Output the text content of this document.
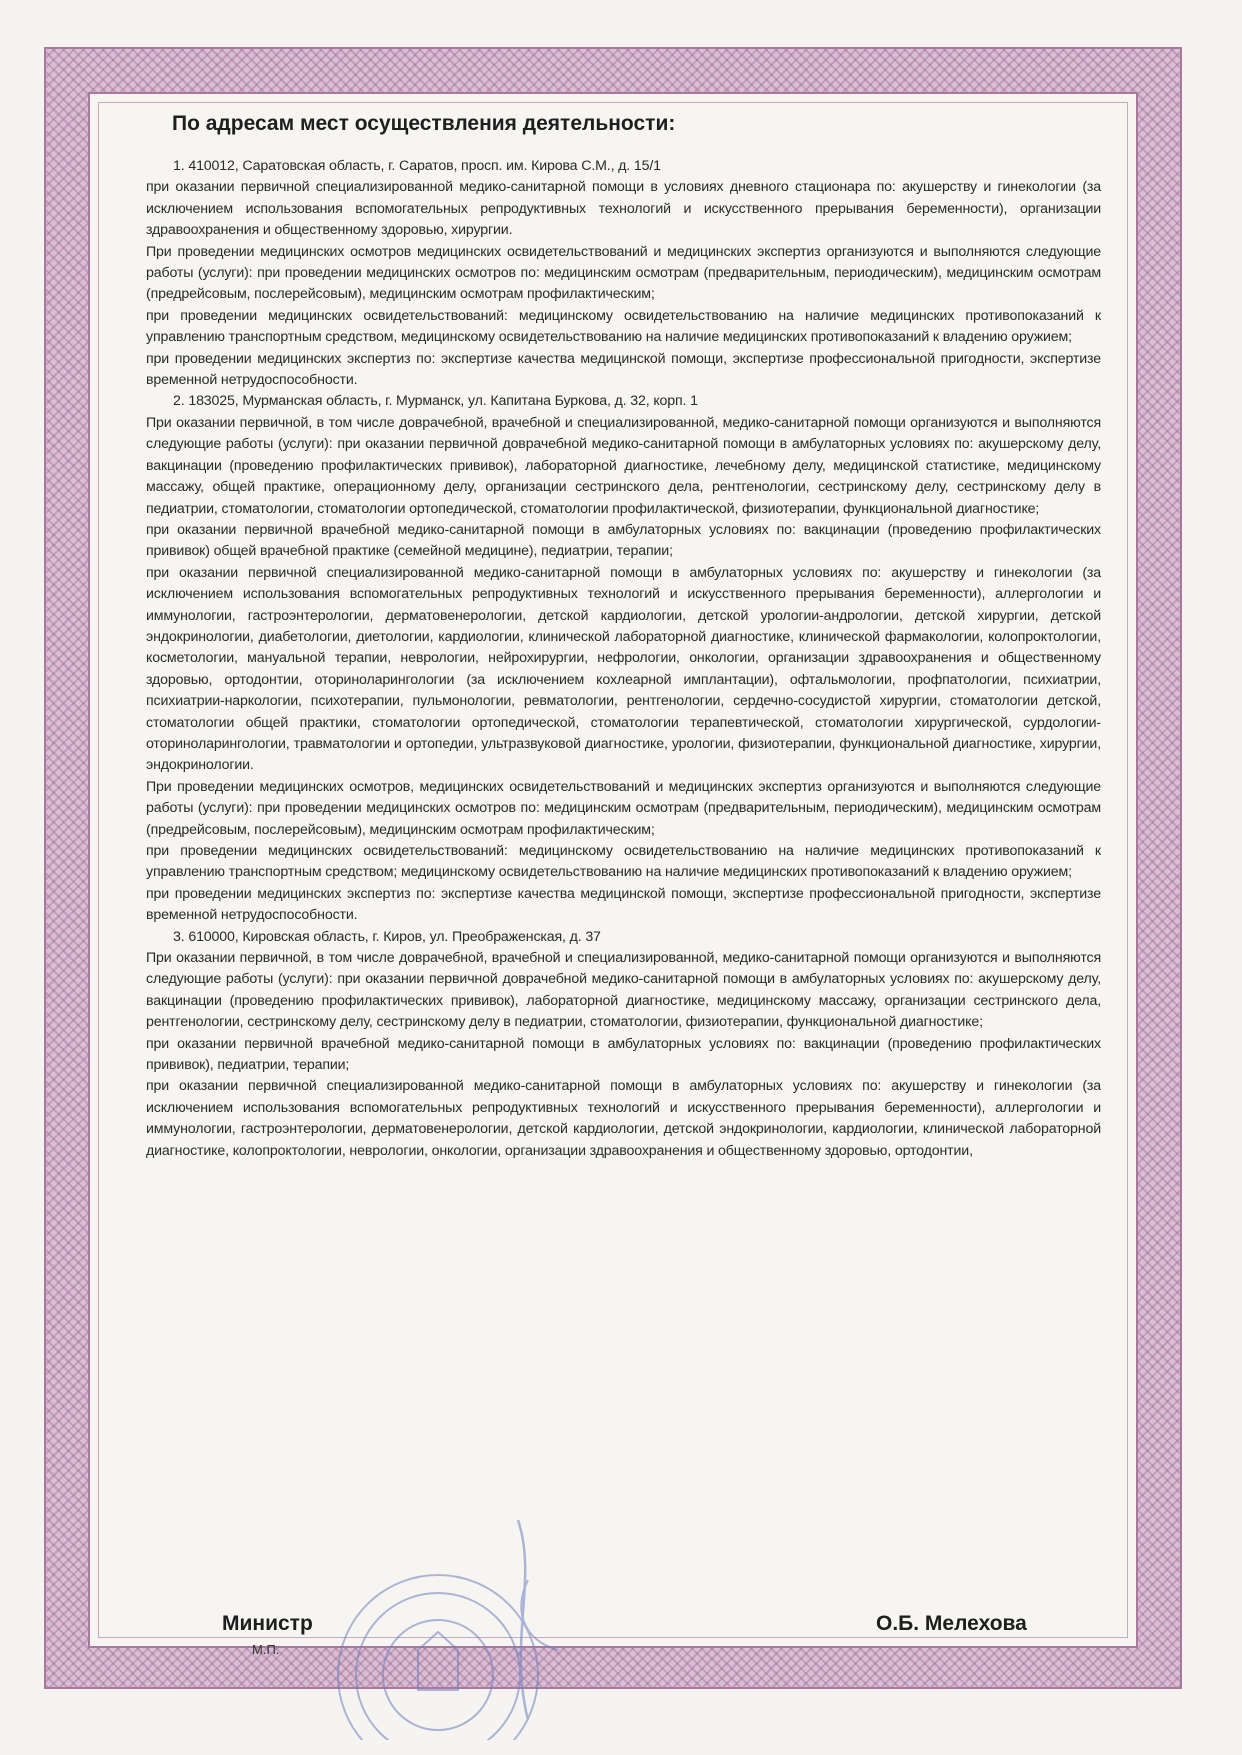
По адресам мест осуществления деятельности:

1. 410012, Саратовская область, г. Саратов, просп. им. Кирова С.М., д. 15/1

при оказании первичной специализированной медико-санитарной помощи в условиях дневного стационара по: акушерству и гинекологии (за исключением использования вспомогательных репродуктивных технологий и искусственного прерывания беременности), организации здравоохранения и общественному здоровью, хирургии.

При проведении медицинских осмотров медицинских освидетельствований и медицинских экспертиз организуются и выполняются следующие работы (услуги): при проведении медицинских осмотров по: медицинским осмотрам (предварительным, периодическим), медицинским осмотрам (предрейсовым, послерейсовым), медицинским осмотрам профилактическим;

при проведении медицинских освидетельствований: медицинскому освидетельствованию на наличие медицинских противопоказаний к управлению транспортным средством, медицинскому освидетельствованию на наличие медицинских противопоказаний к владению оружием;

при проведении медицинских экспертиз по: экспертизе качества медицинской помощи, экспертизе профессиональной пригодности, экспертизе временной нетрудоспособности.

2. 183025, Мурманская область, г. Мурманск, ул. Капитана Буркова, д. 32, корп. 1

При оказании первичной, в том числе доврачебной, врачебной и специализированной, медико-санитарной помощи организуются и выполняются следующие работы (услуги): при оказании первичной доврачебной медико-санитарной помощи в амбулаторных условиях по: акушерскому делу, вакцинации (проведению профилактических прививок), лабораторной диагностике, лечебному делу, медицинской статистике, медицинскому массажу, общей практике, операционному делу, организации сестринского дела, рентгенологии, сестринскому делу, сестринскому делу в педиатрии, стоматологии, стоматологии ортопедической, стоматологии профилактической, физиотерапии, функциональной диагностике;

при оказании первичной врачебной медико-санитарной помощи в амбулаторных условиях по: вакцинации (проведению профилактических прививок) общей врачебной практике (семейной медицине), педиатрии, терапии;

при оказании первичной специализированной медико-санитарной помощи в амбулаторных условиях по: акушерству и гинекологии (за исключением использования вспомогательных репродуктивных технологий и искусственного прерывания беременности), аллергологии и иммунологии, гастроэнтерологии, дерматовенерологии, детской кардиологии, детской урологии-андрологии, детской хирургии, детской эндокринологии, диабетологии, диетологии, кардиологии, клинической лабораторной диагностике, клинической фармакологии, колопроктологии, косметологии, мануальной терапии, неврологии, нейрохирургии, нефрологии, онкологии, организации здравоохранения и общественному здоровью, ортодонтии, оториноларингологии (за исключением кохлеарной имплантации), офтальмологии, профпатологии, психиатрии, психиатрии-наркологии, психотерапии, пульмонологии, ревматологии, рентгенологии, сердечно-сосудистой хирургии, стоматологии детской, стоматологии общей практики, стоматологии ортопедической, стоматологии терапевтической, стоматологии хирургической, сурдологии-оториноларингологии, травматологии и ортопедии, ультразвуковой диагностике, урологии, физиотерапии, функциональной диагностике, хирургии, эндокринологии.

При проведении медицинских осмотров, медицинских освидетельствований и медицинских экспертиз организуются и выполняются следующие работы (услуги): при проведении медицинских осмотров по: медицинским осмотрам (предварительным, периодическим), медицинским осмотрам (предрейсовым, послерейсовым), медицинским осмотрам профилактическим;

при проведении медицинских освидетельствований: медицинскому освидетельствованию на наличие медицинских противопоказаний к управлению транспортным средством; медицинскому освидетельствованию на наличие медицинских противопоказаний к владению оружием;

при проведении медицинских экспертиз по: экспертизе качества медицинской помощи, экспертизе профессиональной пригодности, экспертизе временной нетрудоспособности.

3. 610000, Кировская область, г. Киров, ул. Преображенская, д. 37

При оказании первичной, в том числе доврачебной, врачебной и специализированной, медико-санитарной помощи организуются и выполняются следующие работы (услуги): при оказании первичной доврачебной медико-санитарной помощи в амбулаторных условиях по: акушерскому делу, вакцинации (проведению профилактических прививок), лабораторной диагностике, медицинскому массажу, организации сестринского дела, рентгенологии, сестринскому делу, сестринскому делу в педиатрии, стоматологии, физиотерапии, функциональной диагностике;

при оказании первичной врачебной медико-санитарной помощи в амбулаторных условиях по: вакцинации (проведению профилактических прививок), педиатрии, терапии;

при оказании первичной специализированной медико-санитарной помощи в амбулаторных условиях по: акушерству и гинекологии (за исключением использования вспомогательных репродуктивных технологий и искусственного прерывания беременности), аллергологии и иммунологии, гастроэнтерологии, дерматовенерологии, детской кардиологии, детской эндокринологии, кардиологии, клинической лабораторной диагностике, колопроктологии, неврологии, онкологии, организации здравоохранения и общественному здоровью, ортодонтии,

Министр
М.П.
О.Б. Мелехова
